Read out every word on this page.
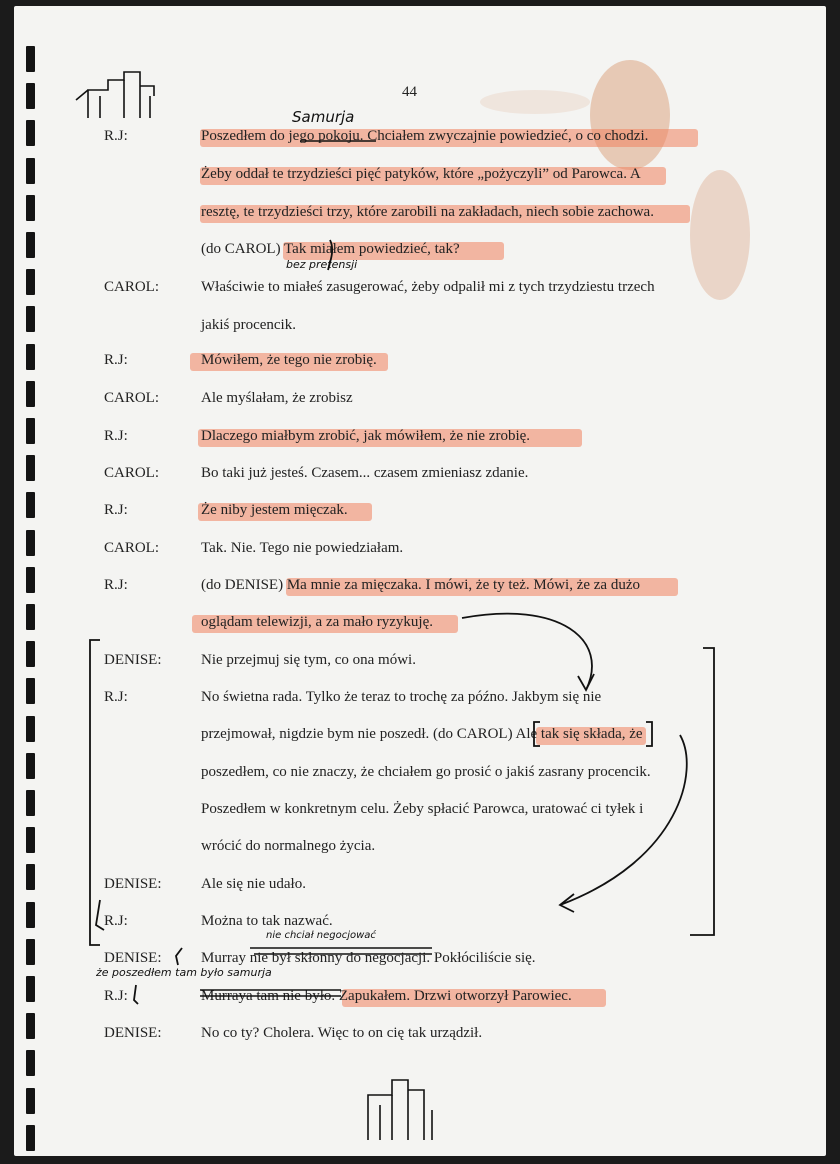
44
R.J:	Poszedłem do jego pokoju. Chciałem zwyczajnie powiedzieć, o co chodzi.
Żeby oddał te trzydzieści pięć patyków, które „pożyczyli” od Parowca. A
resztę, te trzydzieści trzy, które zarobili na zakładach, niech sobie zachowa.
(do CAROL) Tak miałem powiedzieć, tak?
CAROL:	Właściwie to miałeś zasugerować, żeby odpalił mi z tych trzydziestu trzech
jakiś procencik.
R.J:	Mówiłem, że tego nie zrobię.
CAROL:	Ale myślałam, że zrobisz
R.J:	Dlaczego miałbym zrobić, jak mówiłem, że nie zrobię.
CAROL:	Bo taki już jesteś. Czasem... czasem zmieniasz zdanie.
R.J:	Że niby jestem mięczak.
CAROL:	Tak. Nie. Tego nie powiedziałam.
R.J:	(do DENISE) Ma mnie za mięczaka. I mówi, że ty też. Mówi, że za dużo
oglądam telewizji, a za mało ryzykuję.
DENISE:	Nie przejmuj się tym, co ona mówi.
R.J:	No świetna rada. Tylko że teraz to trochę za późno. Jakbym się nie
przejmował, nigdzie bym nie poszedł. (do CAROL) Ale tak się składa, że
poszedłem, co nie znaczy, że chciałem go prosić o jakiś zasrany procencik.
Poszedłem w konkretnym celu. Żeby spłacić Parowca, uratować ci tyłek i
wrócić do normalnego życia.
DENISE:	Ale się nie udało.
R.J:	Można to tak nazwać.
DENISE:	Murray nie był skłonny do negocjacji. Pokłóciliście się.
R.J:	Murraya tam nie było. Zapukałem. Drzwi otworzył Parowiec.
DENISE:	No co ty? Cholera. Więc to on cię tak urządził.
Samurja
bez pretensji
nie chciał negocjować
że poszedłem tam było samurja
